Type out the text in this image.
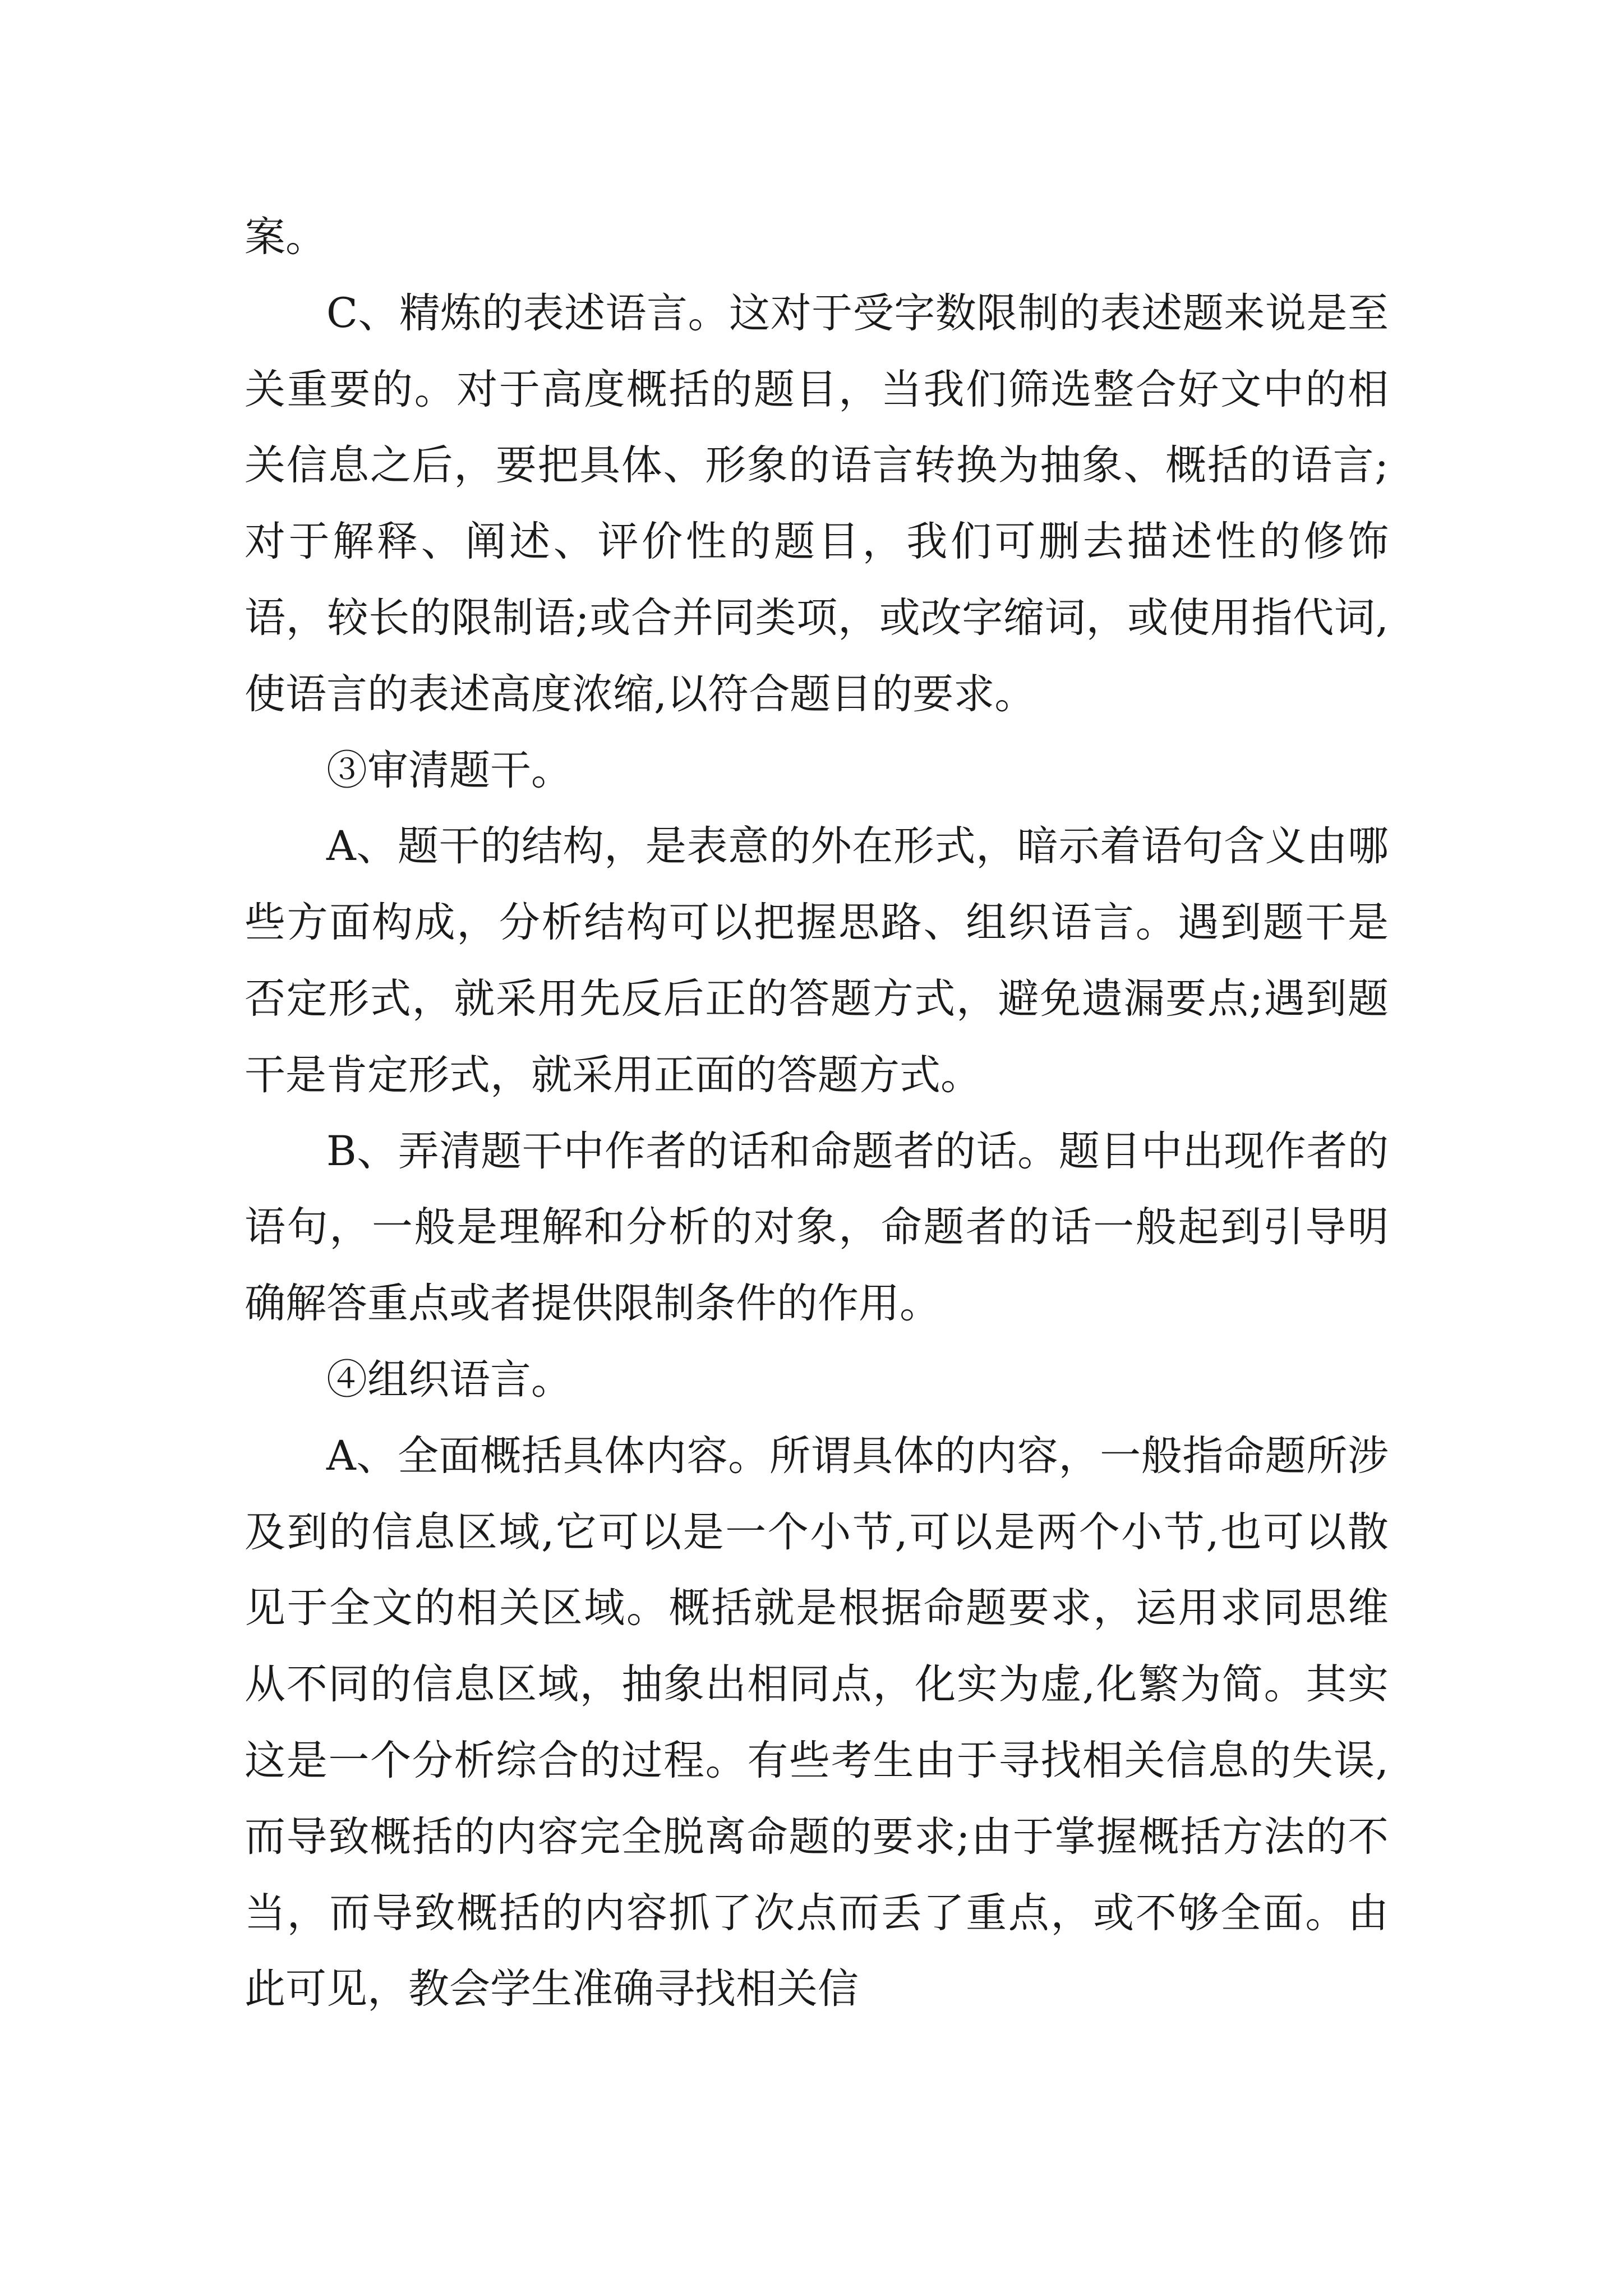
案。

C、精炼的表述语言。这对于受字数限制的表述题来说是至关重要的。对于高度概括的题目，当我们筛选整合好文中的相关信息之后，要把具体、形象的语言转换为抽象、概括的语言;对于解释、阐述、评价性的题目，我们可删去描述性的修饰语，较长的限制语;或合并同类项，或改字缩词，或使用指代词,使语言的表述高度浓缩,以符合题目的要求。

③审清题干。

A、题干的结构，是表意的外在形式，暗示着语句含义由哪些方面构成，分析结构可以把握思路、组织语言。遇到题干是否定形式，就采用先反后正的答题方式，避免遗漏要点;遇到题干是肯定形式，就采用正面的答题方式。

B、弄清题干中作者的话和命题者的话。题目中出现作者的语句，一般是理解和分析的对象，命题者的话一般起到引导明确解答重点或者提供限制条件的作用。

④组织语言。

A、全面概括具体内容。所谓具体的内容，一般指命题所涉及到的信息区域,它可以是一个小节,可以是两个小节,也可以散见于全文的相关区域。概括就是根据命题要求，运用求同思维从不同的信息区域，抽象出相同点，化实为虚,化繁为简。其实这是一个分析综合的过程。有些考生由于寻找相关信息的失误,而导致概括的内容完全脱离命题的要求;由于掌握概括方法的不当，而导致概括的内容抓了次点而丢了重点，或不够全面。由此可见，教会学生准确寻找相关信
